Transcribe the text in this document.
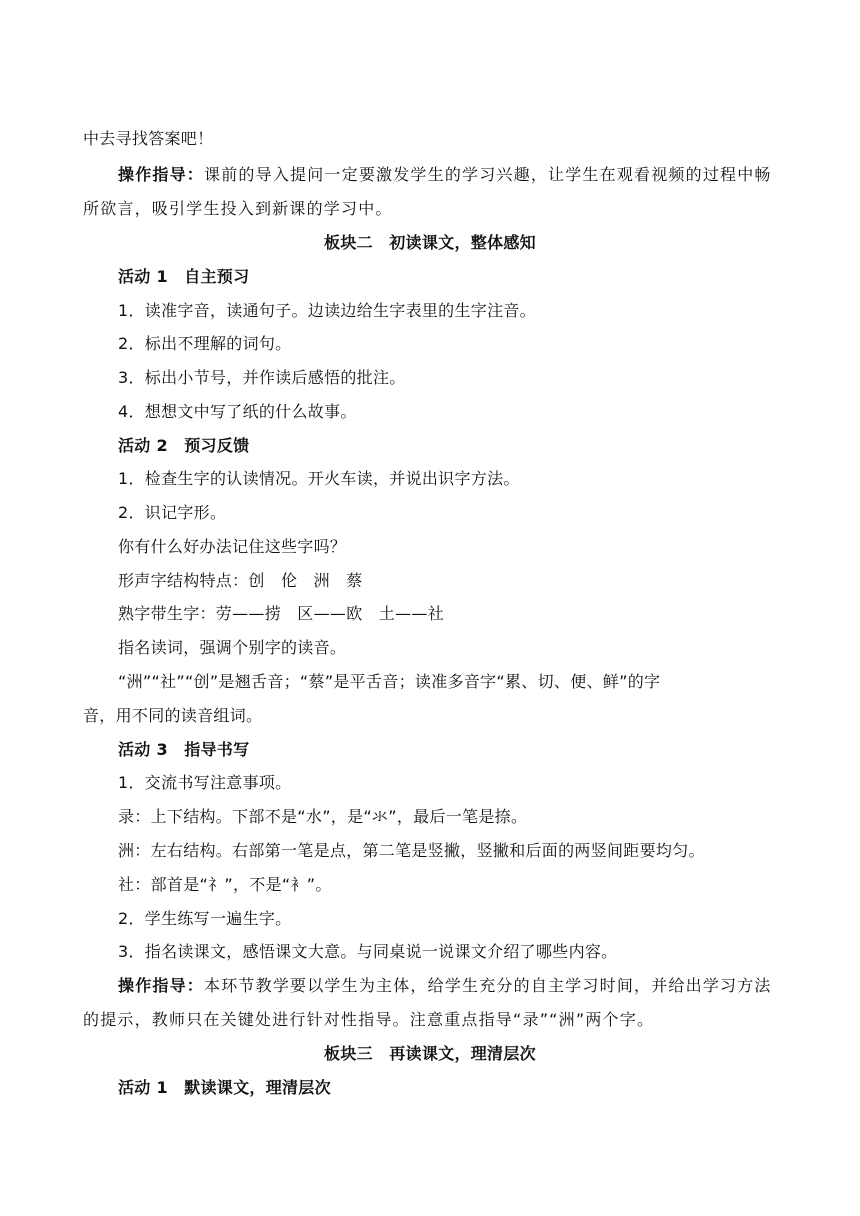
中去寻找答案吧！
操作指导：课前的导入提问一定要激发学生的学习兴趣，让学生在观看视频的过程中畅
所欲言，吸引学生投入到新课的学习中。
板块二　初读课文，整体感知
活动 1　自主预习
1．读准字音，读通句子。边读边给生字表里的生字注音。
2．标出不理解的词句。
3．标出小节号，并作读后感悟的批注。
4．想想文中写了纸的什么故事。
活动 2　预习反馈
1．检查生字的认读情况。开火车读，并说出识字方法。
2．识记字形。
你有什么好办法记住这些字吗？
形声字结构特点：创　伦　洲　蔡
熟字带生字：劳——捞　区——欧　土——社
指名读词，强调个别字的读音。
“洲”“社”“创”是翘舌音；“蔡”是平舌音；读准多音字“累、切、便、鲜”的字
音，用不同的读音组词。
活动 3　指导书写
1．交流书写注意事项。
录：上下结构。下部不是“水”，是“氺”，最后一笔是捺。
洲：左右结构。右部第一笔是点，第二笔是竖撇，竖撇和后面的两竖间距要均匀。
社：部首是“礻”，不是“衤”。
2．学生练写一遍生字。
3．指名读课文，感悟课文大意。与同桌说一说课文介绍了哪些内容。
操作指导：本环节教学要以学生为主体，给学生充分的自主学习时间，并给出学习方法
的提示，教师只在关键处进行针对性指导。注意重点指导“录”“洲”两个字。
板块三　再读课文，理清层次
活动 1　默读课文，理清层次
